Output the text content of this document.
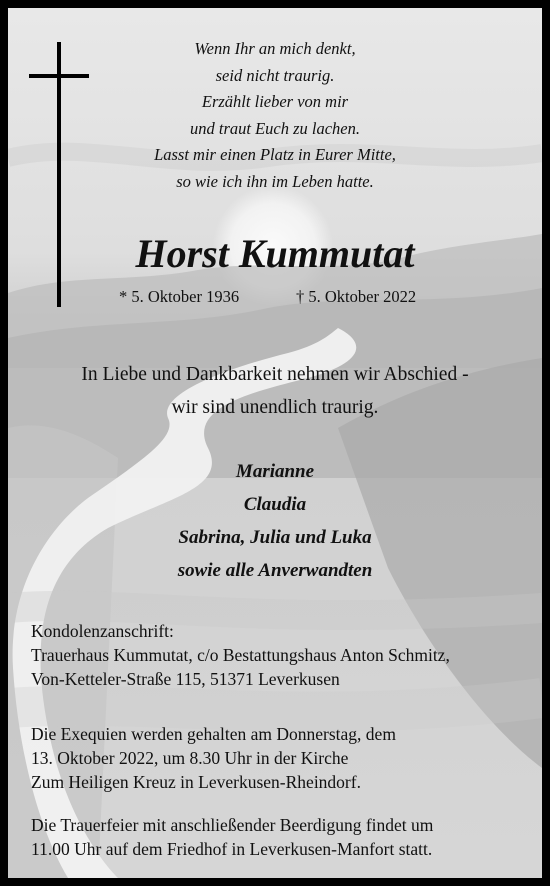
Wenn Ihr an mich denkt,
seid nicht traurig.
Erzählt lieber von mir
und traut Euch zu lachen.
Lasst mir einen Platz in Eurer Mitte,
so wie ich ihn im Leben hatte.
Horst Kummutat
* 5. Oktober 1936	† 5. Oktober 2022
In Liebe und Dankbarkeit nehmen wir Abschied -
wir sind unendlich traurig.
Marianne
Claudia
Sabrina, Julia und Luka
sowie alle Anverwandten
Kondolenzanschrift:
Trauerhaus Kummutat, c/o Bestattungshaus Anton Schmitz,
Von-Ketteler-Straße 115, 51371 Leverkusen
Die Exequien werden gehalten am Donnerstag, dem
13. Oktober 2022, um 8.30 Uhr in der Kirche
Zum Heiligen Kreuz in Leverkusen-Rheindorf.
Die Trauerfeier mit anschließender Beerdigung findet um
11.00 Uhr auf dem Friedhof in Leverkusen-Manfort statt.
